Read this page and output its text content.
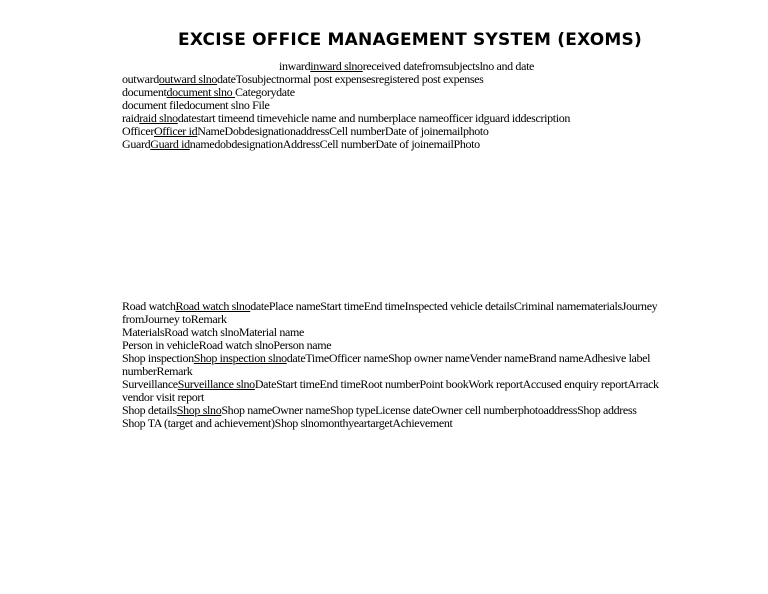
EXCISE OFFICE MANAGEMENT SYSTEM (EXOMS)
inwardinward slnoreceived datefromsubjectslno and date
outwardoutward slnodateTosubjectnormal post expensesregistered post expenses
documentdocument slno Categorydate
document filedocument slno File
raidraid slnodatestart timeend timevehicle name and numberplace nameofficer idguard iddescription
OfficerOfficer idNameDobdesignationaddressCell numberDate of joinemailphoto
GuardGuard idnamedobdesignationAddressCell numberDate of joinemailPhoto
Road watchRoad watch slnodatePlace nameStart timeEnd timeInspected vehicle detailsCriminal namematerialsJourney fromJourney toRemark
MaterialsRoad watch slnoMaterial name
Person in vehicleRoad watch slnoPerson name
Shop inspectionShop inspection slnodateTimeOfficer nameShop owner nameVender nameBrand nameAdhesive label numberRemark
SurveillanceSurveillance slnoDateStart timeEnd timeRoot numberPoint bookWork reportAccused enquiry reportArrack vendor visit report
Shop detailsShop slnoShop nameOwner nameShop typeLicense dateOwner cell numberphotoaddressShop address
Shop TA (target and achievement)Shop slnomonthyeartargetAchievement
